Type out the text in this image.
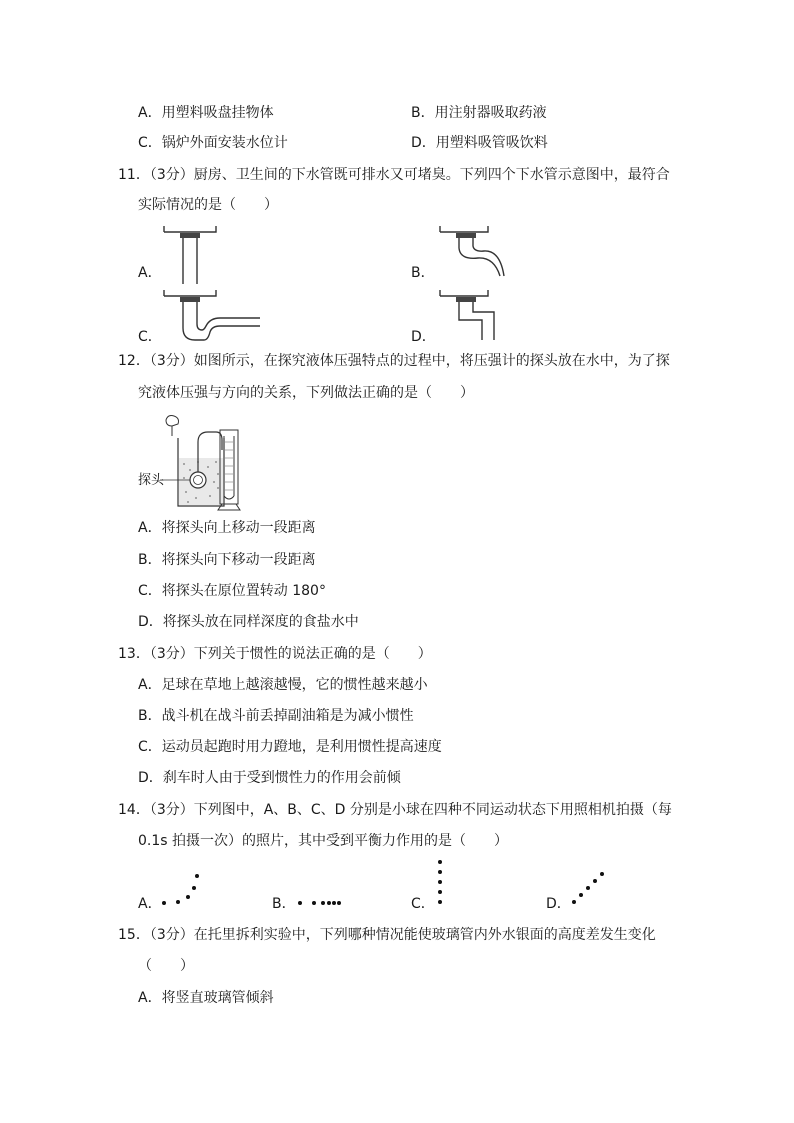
A．用塑料吸盘挂物体	B．用注射器吸取药液
C．锅炉外面安装水位计	D．用塑料吸管吸饮料
11．（3分）厨房、卫生间的下水管既可排水又可堵臭。下列四个下水管示意图中，最符合
实际情况的是（　　）
A．	B．
C．	D．
12．（3分）如图所示，在探究液体压强特点的过程中，将压强计的探头放在水中，为了探
究液体压强与方向的关系，下列做法正确的是（　　）
探头
A．将探头向上移动一段距离
B．将探头向下移动一段距离
C．将探头在原位置转动 180°
D．将探头放在同样深度的食盐水中
13．（3分）下列关于惯性的说法正确的是（　　）
A．足球在草地上越滚越慢，它的惯性越来越小
B．战斗机在战斗前丢掉副油箱是为减小惯性
C．运动员起跑时用力蹬地，是利用惯性提高速度
D．刹车时人由于受到惯性力的作用会前倾
14．（3分）下列图中，A、B、C、D 分别是小球在四种不同运动状态下用照相机拍摄（每
0.1s 拍摄一次）的照片，其中受到平衡力作用的是（　　）
A．	B．	C．	D．
15．（3分）在托里拆利实验中，下列哪种情况能使玻璃管内外水银面的高度差发生变化
（　　）
A．将竖直玻璃管倾斜
